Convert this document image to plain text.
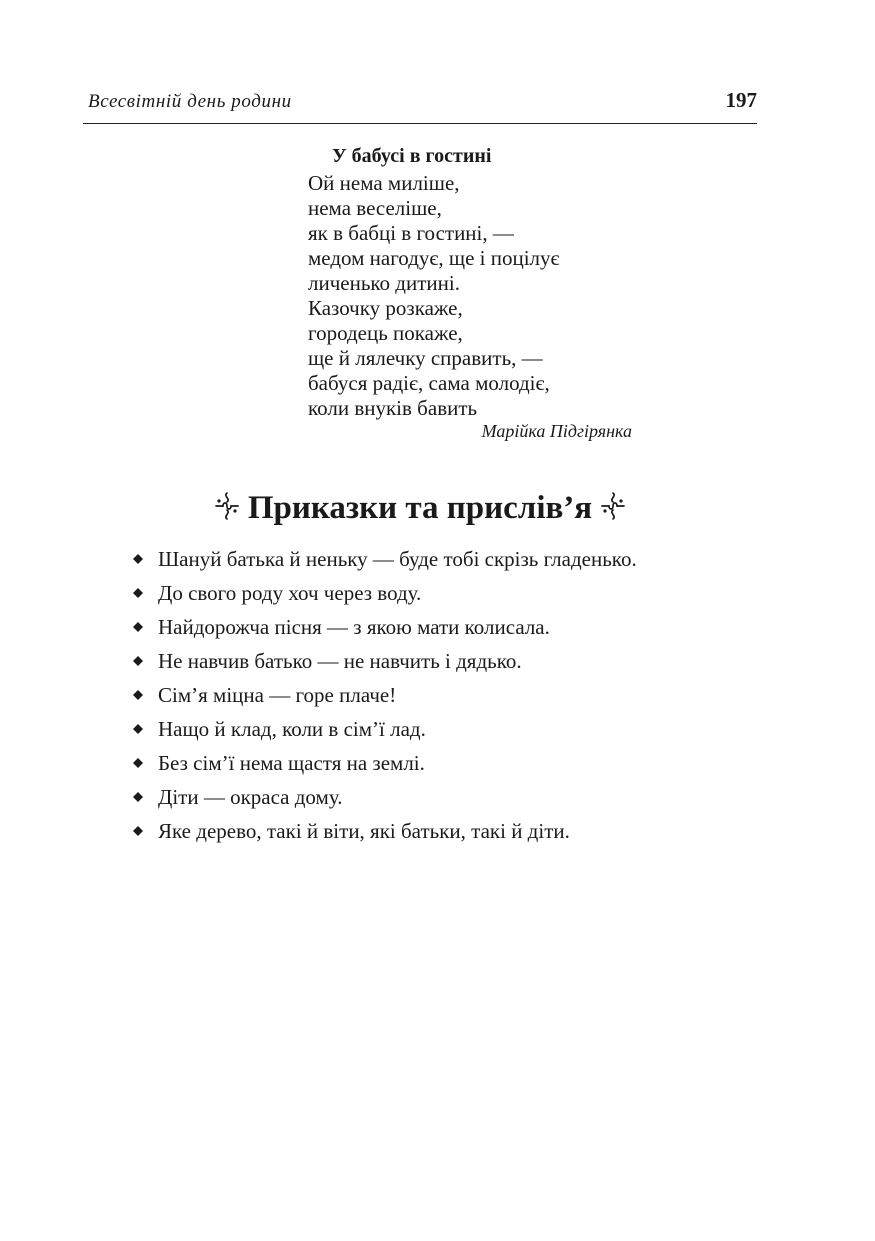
Всесвітній день родини	197
У бабусі в гостині
Ой нема миліше,
нема веселіше,
як в бабці в гостині, —
медом нагодує, ще і поцілує
личенько дитині.
Казочку розкаже,
городець покаже,
ще й лялечку справить, —
бабуся радіє, сама молодіє,
коли внуків бавить
Марійка Підгірянка
Приказки та прислів’я
Шануй батька й неньку — буде тобі скрізь гладенько.
До свого роду хоч через воду.
Найдорожча пісня — з якою мати колисала.
Не навчив батько — не навчить і дядько.
Сім’я міцна — горе плаче!
Нащо й клад, коли в сім’ї лад.
Без сім’ї нема щастя на землі.
Діти — окраса дому.
Яке дерево, такі й віти, які батьки, такі й діти.
